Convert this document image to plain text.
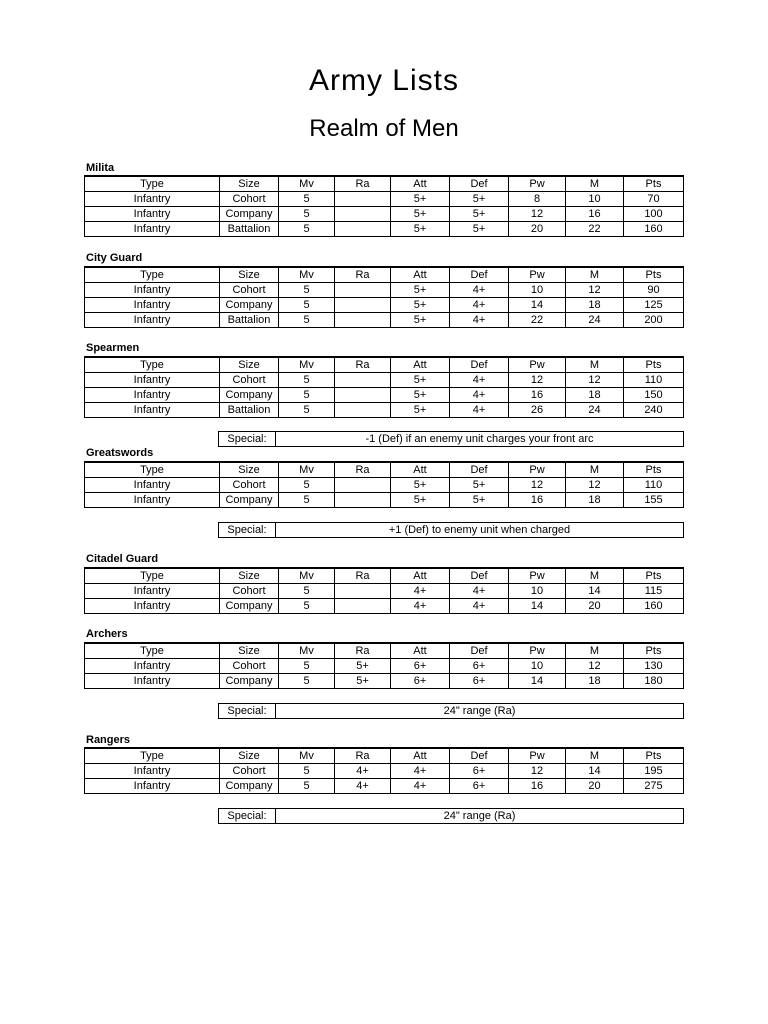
Army Lists
Realm of Men
Milita
Type	Size	Mv	Ra	Att	Def	Pw	M	Pts
Infantry	Cohort	5		5+	5+	8	10	70
Infantry	Company	5		5+	5+	12	16	100
Infantry	Battalion	5		5+	5+	20	22	160
City Guard
Type	Size	Mv	Ra	Att	Def	Pw	M	Pts
Infantry	Cohort	5		5+	4+	10	12	90
Infantry	Company	5		5+	4+	14	18	125
Infantry	Battalion	5		5+	4+	22	24	200
Spearmen
Type	Size	Mv	Ra	Att	Def	Pw	M	Pts
Infantry	Cohort	5		5+	4+	12	12	110
Infantry	Company	5		5+	4+	16	18	150
Infantry	Battalion	5		5+	4+	26	24	240
Special:	-1 (Def) if an enemy unit charges your front arc
Greatswords
Type	Size	Mv	Ra	Att	Def	Pw	M	Pts
Infantry	Cohort	5		5+	5+	12	12	110
Infantry	Company	5		5+	5+	16	18	155
Special:	+1 (Def) to enemy unit when charged
Citadel Guard
Type	Size	Mv	Ra	Att	Def	Pw	M	Pts
Infantry	Cohort	5		4+	4+	10	14	115
Infantry	Company	5		4+	4+	14	20	160
Archers
Type	Size	Mv	Ra	Att	Def	Pw	M	Pts
Infantry	Cohort	5	5+	6+	6+	10	12	130
Infantry	Company	5	5+	6+	6+	14	18	180
Special:	24" range (Ra)
Rangers
Type	Size	Mv	Ra	Att	Def	Pw	M	Pts
Infantry	Cohort	5	4+	4+	6+	12	14	195
Infantry	Company	5	4+	4+	6+	16	20	275
Special:	24" range (Ra)
